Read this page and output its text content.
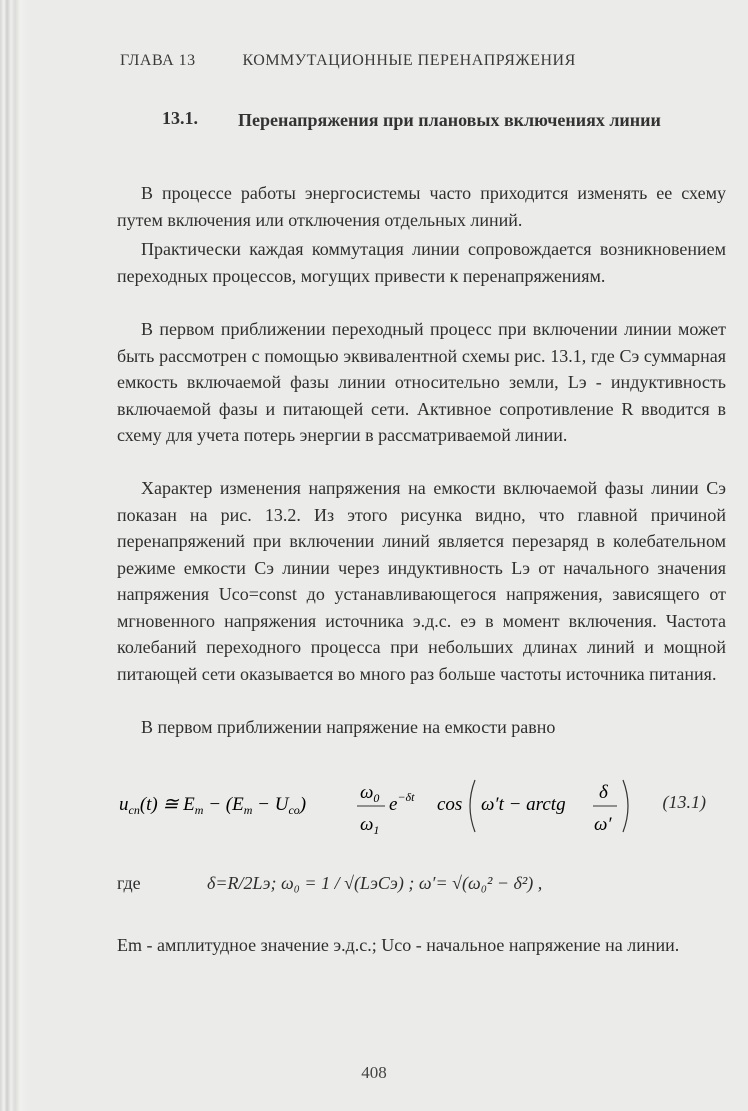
ГЛАВА 13	КОММУТАЦИОННЫЕ ПЕРЕНАПРЯЖЕНИЯ
13.1. Перенапряжения при плановых включениях линии

В процессе работы энергосистемы часто приходится изменять ее схему путем включения или отключения отдельных линий.

Практически каждая коммутация линии сопровождается возникновением переходных процессов, могущих привести к перенапряжениям.

В первом приближении переходный процесс при включении линии может быть рассмотрен с помощью эквивалентной схемы рис. 13.1, где Cэ суммарная емкость включаемой фазы линии относительно земли, Lэ - индуктивность включаемой фазы и питающей сети. Активное сопротивление R вводится в схему для учета потерь энергии в рассматриваемой линии.

Характер изменения напряжения на емкости включаемой фазы линии Cэ показан на рис. 13.2. Из этого рисунка видно, что главной причиной перенапряжений при включении линий является перезаряд в колебательном режиме емкости Cэ линии через индуктивность Lэ от начального значения напряжения Uco=const до устанавливающегося напряжения, зависящего от мгновенного напряжения источника э.д.с. eэ в момент включения. Частота колебаний переходного процесса при небольших длинах линий и мощной питающей сети оказывается во много раз больше частоты источника питания.

В первом приближении напряжение на емкости равно

$u_{cn}(t)$ ≅ $E_m - (E_m - U_{co})$
$\omega_0$
$\omega_1$
$e^{-\delta t}$ cos ω′t − arctg
δ
ω′
(13.1)
где	δ=R/2Lэ; ω₀ = 1 / √(LэCэ) ; ω′= √(ω₀² − δ²) ,
Em - амплитудное значение э.д.с.; Uco - начальное напряжение на линии.
408
